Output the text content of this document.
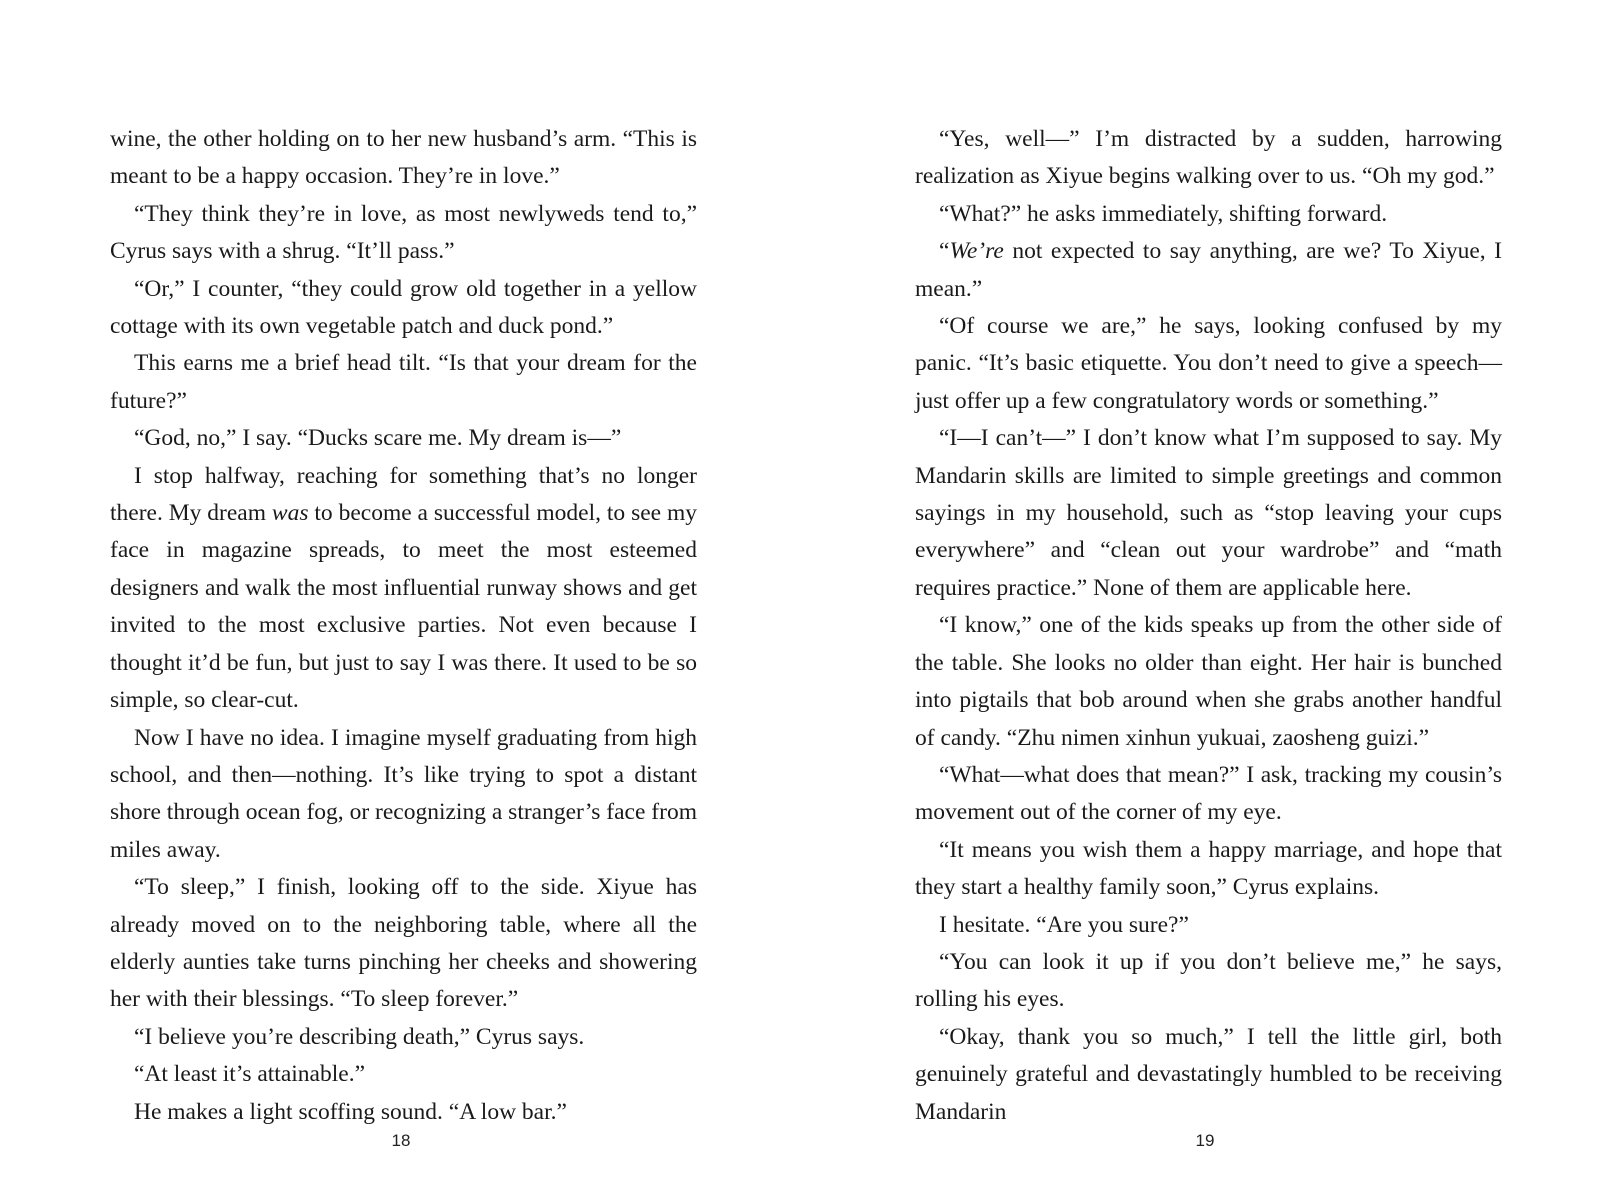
wine, the other holding on to her new husband’s arm. “This is meant to be a happy occasion. They’re in love.”

“They think they’re in love, as most newlyweds tend to,” Cyrus says with a shrug. “It’ll pass.”

“Or,” I counter, “they could grow old together in a yellow cottage with its own vegetable patch and duck pond.”

This earns me a brief head tilt. “Is that your dream for the future?”

“God, no,” I say. “Ducks scare me. My dream is—”

I stop halfway, reaching for something that’s no longer there. My dream was to become a successful model, to see my face in magazine spreads, to meet the most esteemed designers and walk the most influential runway shows and get invited to the most exclusive parties. Not even because I thought it’d be fun, but just to say I was there. It used to be so simple, so clear-cut.

Now I have no idea. I imagine myself graduating from high school, and then—nothing. It’s like trying to spot a distant shore through ocean fog, or recognizing a stranger’s face from miles away.

“To sleep,” I finish, looking off to the side. Xiyue has already moved on to the neighboring table, where all the elderly aunties take turns pinching her cheeks and showering her with their blessings. “To sleep forever.”

“I believe you’re describing death,” Cyrus says.

“At least it’s attainable.”

He makes a light scoffing sound. “A low bar.”

“Yes, well—” I’m distracted by a sudden, harrowing realization as Xiyue begins walking over to us. “Oh my god.”

“What?” he asks immediately, shifting forward.

“We’re not expected to say anything, are we? To Xiyue, I mean.”

“Of course we are,” he says, looking confused by my panic. “It’s basic etiquette. You don’t need to give a speech—just offer up a few congratulatory words or something.”

“I—I can’t—” I don’t know what I’m supposed to say. My Mandarin skills are limited to simple greetings and common sayings in my household, such as “stop leaving your cups everywhere” and “clean out your wardrobe” and “math requires practice.” None of them are applicable here.

“I know,” one of the kids speaks up from the other side of the table. She looks no older than eight. Her hair is bunched into pigtails that bob around when she grabs another handful of candy. “Zhu nimen xinhun yukuai, zaosheng guizi.”

“What—what does that mean?” I ask, tracking my cousin’s movement out of the corner of my eye.

“It means you wish them a happy marriage, and hope that they start a healthy family soon,” Cyrus explains.

I hesitate. “Are you sure?”

“You can look it up if you don’t believe me,” he says, rolling his eyes.

“Okay, thank you so much,” I tell the little girl, both genuinely grateful and devastatingly humbled to be receiving Mandarin

18	19
